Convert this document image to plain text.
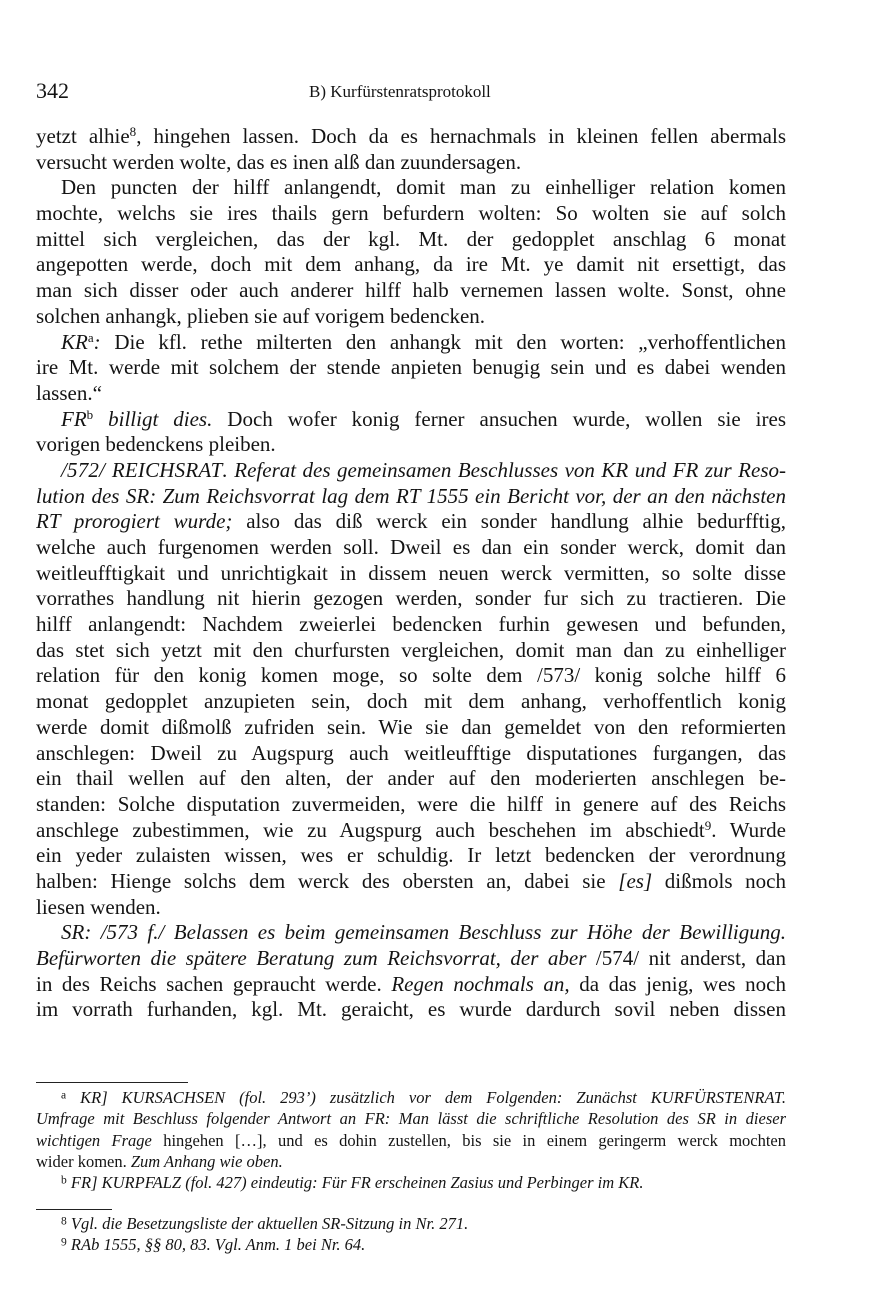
342	B) Kurfürstenratsprotokoll
yetzt alhie$^8$, hingehen lassen. Doch da es hernachmals in kleinen fellen abermals
versucht werden wolte, das es inen alß dan zuundersagen.
Den puncten der hilff anlangendt, domit man zu einhelliger relation komen
mochte, welchs sie ires thails gern befurdern wolten: So wolten sie auf solch
mittel sich vergleichen, das der kgl. Mt. der gedopplet anschlag 6 monat
angepotten werde, doch mit dem anhang, da ire Mt. ye damit nit ersettigt, das
man sich disser oder auch anderer hilff halb vernemen lassen wolte. Sonst, ohne
solchen anhangk, plieben sie auf vorigem bedencken.
$KR^a$: Die kfl. rethe milterten den anhangk mit den worten: „verhoffentlichen
ire Mt. werde mit solchem der stende anpieten benugig sein und es dabei wenden
lassen.“
$FR^b$ billigt dies. Doch wofer konig ferner ansuchen wurde, wollen sie ires
vorigen bedenckens pleiben.
/572/ REICHSRAT. Referat des gemeinsamen Beschlusses von KR und FR zur Reso-
lution des SR: Zum Reichsvorrat lag dem RT 1555 ein Bericht vor, der an den nächsten
RT prorogiert wurde; also das diß werck ein sonder handlung alhie bedurfftig,
welche auch furgenomen werden soll. Dweil es dan ein sonder werck, domit dan
weitleufftigkait und unrichtigkait in dissem neuen werck vermitten, so solte disse
vorrathes handlung nit hierin gezogen werden, sonder fur sich zu tractieren. Die
hilff anlangendt: Nachdem zweierlei bedencken furhin gewesen und befunden,
das stet sich yetzt mit den churfursten vergleichen, domit man dan zu einhelliger
relation für den konig komen moge, so solte dem /573/ konig solche hilff 6
monat gedopplet anzupieten sein, doch mit dem anhang, verhoffentlich konig
werde domit dißmolß zufriden sein. Wie sie dan gemeldet von den reformierten
anschlegen: Dweil zu Augspurg auch weitleufftige disputationes furgangen, das
ein thail wellen auf den alten, der ander auf den moderierten anschlegen be-
standen: Solche disputation zuvermeiden, were die hilff in genere auf des Reichs
anschlege zubestimmen, wie zu Augspurg auch beschehen im abschiedt$^9$. Wurde
ein yeder zulaisten wissen, wes er schuldig. Ir letzt bedencken der verordnung
halben: Hienge solchs dem werck des obersten an, dabei sie [es] dißmols noch
liesen wenden.
SR: /573 f./ Belassen es beim gemeinsamen Beschluss zur Höhe der Bewilligung.
Befürworten die spätere Beratung zum Reichsvorrat, der aber /574/ nit anderst, dan
in des Reichs sachen gepraucht werde. Regen nochmals an, da das jenig, wes noch
im vorrath furhanden, kgl. Mt. geraicht, es wurde dardurch sovil neben dissen
$^a$ KR] KURSACHSEN (fol. 293’) zusätzlich vor dem Folgenden: Zunächst KURFÜRSTENRAT.
Umfrage mit Beschluss folgender Antwort an FR: Man lässt die schriftliche Resolution des SR in dieser
wichtigen Frage hingehen […], und es dohin zustellen, bis sie in einem geringerm werck mochten
wider komen. Zum Anhang wie oben.
$^b$ FR] KURPFALZ (fol. 427) eindeutig: Für FR erscheinen Zasius und Perbinger im KR.
$^8$ Vgl. die Besetzungsliste der aktuellen SR-Sitzung in Nr. 271.
$^9$ RAb 1555, §§ 80, 83. Vgl. Anm. 1 bei Nr. 64.
